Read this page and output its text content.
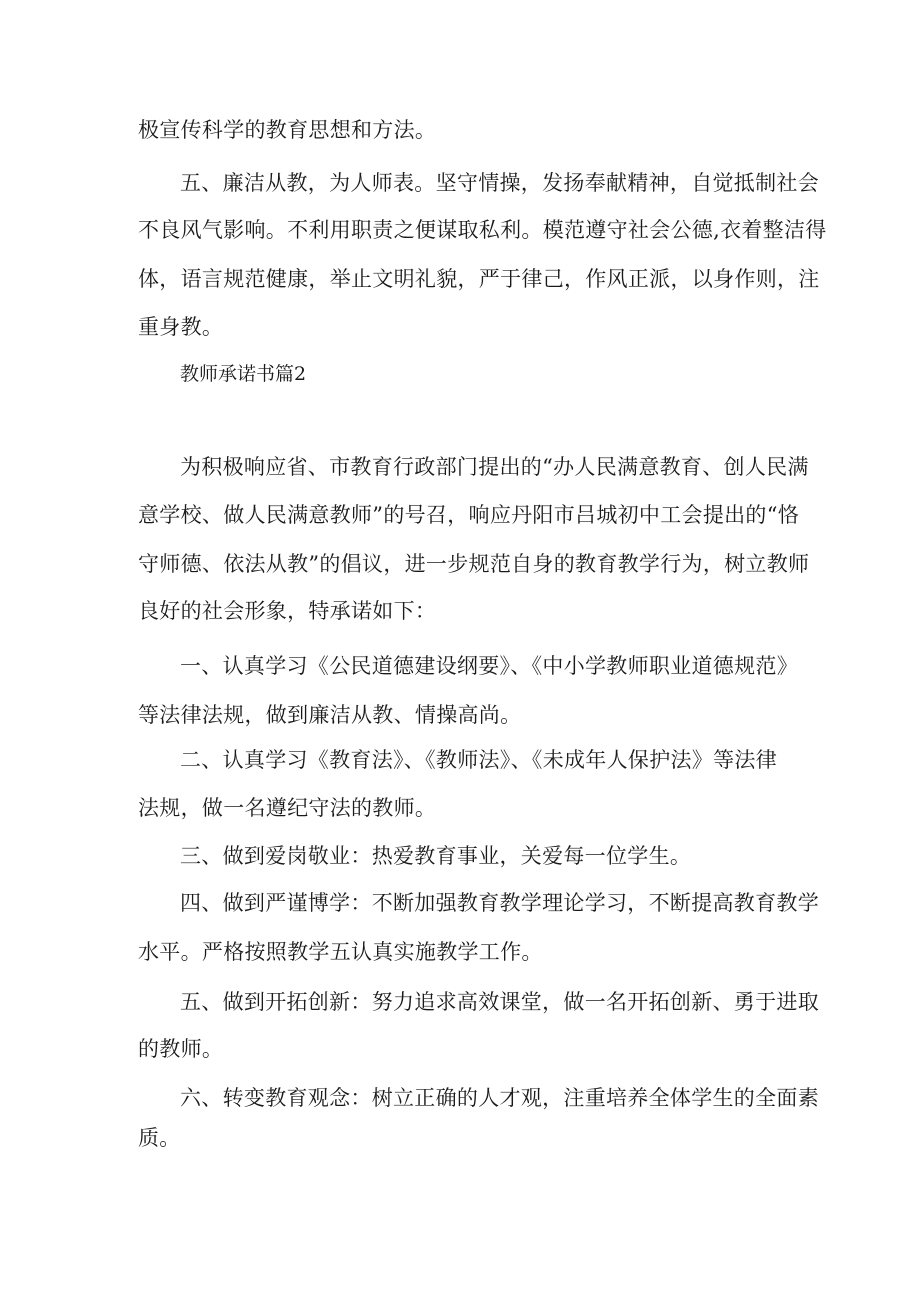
极宣传科学的教育思想和方法。
五、廉洁从教，为人师表。坚守情操，发扬奉献精神，自觉抵制社会
不良风气影响。不利用职责之便谋取私利。模范遵守社会公德,衣着整洁得
体，语言规范健康，举止文明礼貌，严于律己，作风正派，以身作则，注
重身教。
教师承诺书篇2
为积极响应省、市教育行政部门提出的“办人民满意教育、创人民满
意学校、做人民满意教师”的号召，响应丹阳市吕城初中工会提出的“恪
守师德、依法从教”的倡议，进一步规范自身的教育教学行为，树立教师
良好的社会形象，特承诺如下：
一、认真学习《公民道德建设纲要》、《中小学教师职业道德规范》
等法律法规，做到廉洁从教、情操高尚。
二、认真学习《教育法》、《教师法》、《未成年人保护法》等法律
法规，做一名遵纪守法的教师。
三、做到爱岗敬业：热爱教育事业，关爱每一位学生。
四、做到严谨博学：不断加强教育教学理论学习，不断提高教育教学
水平。严格按照教学五认真实施教学工作。
五、做到开拓创新：努力追求高效课堂，做一名开拓创新、勇于进取
的教师。
六、转变教育观念：树立正确的人才观，注重培养全体学生的全面素
质。
